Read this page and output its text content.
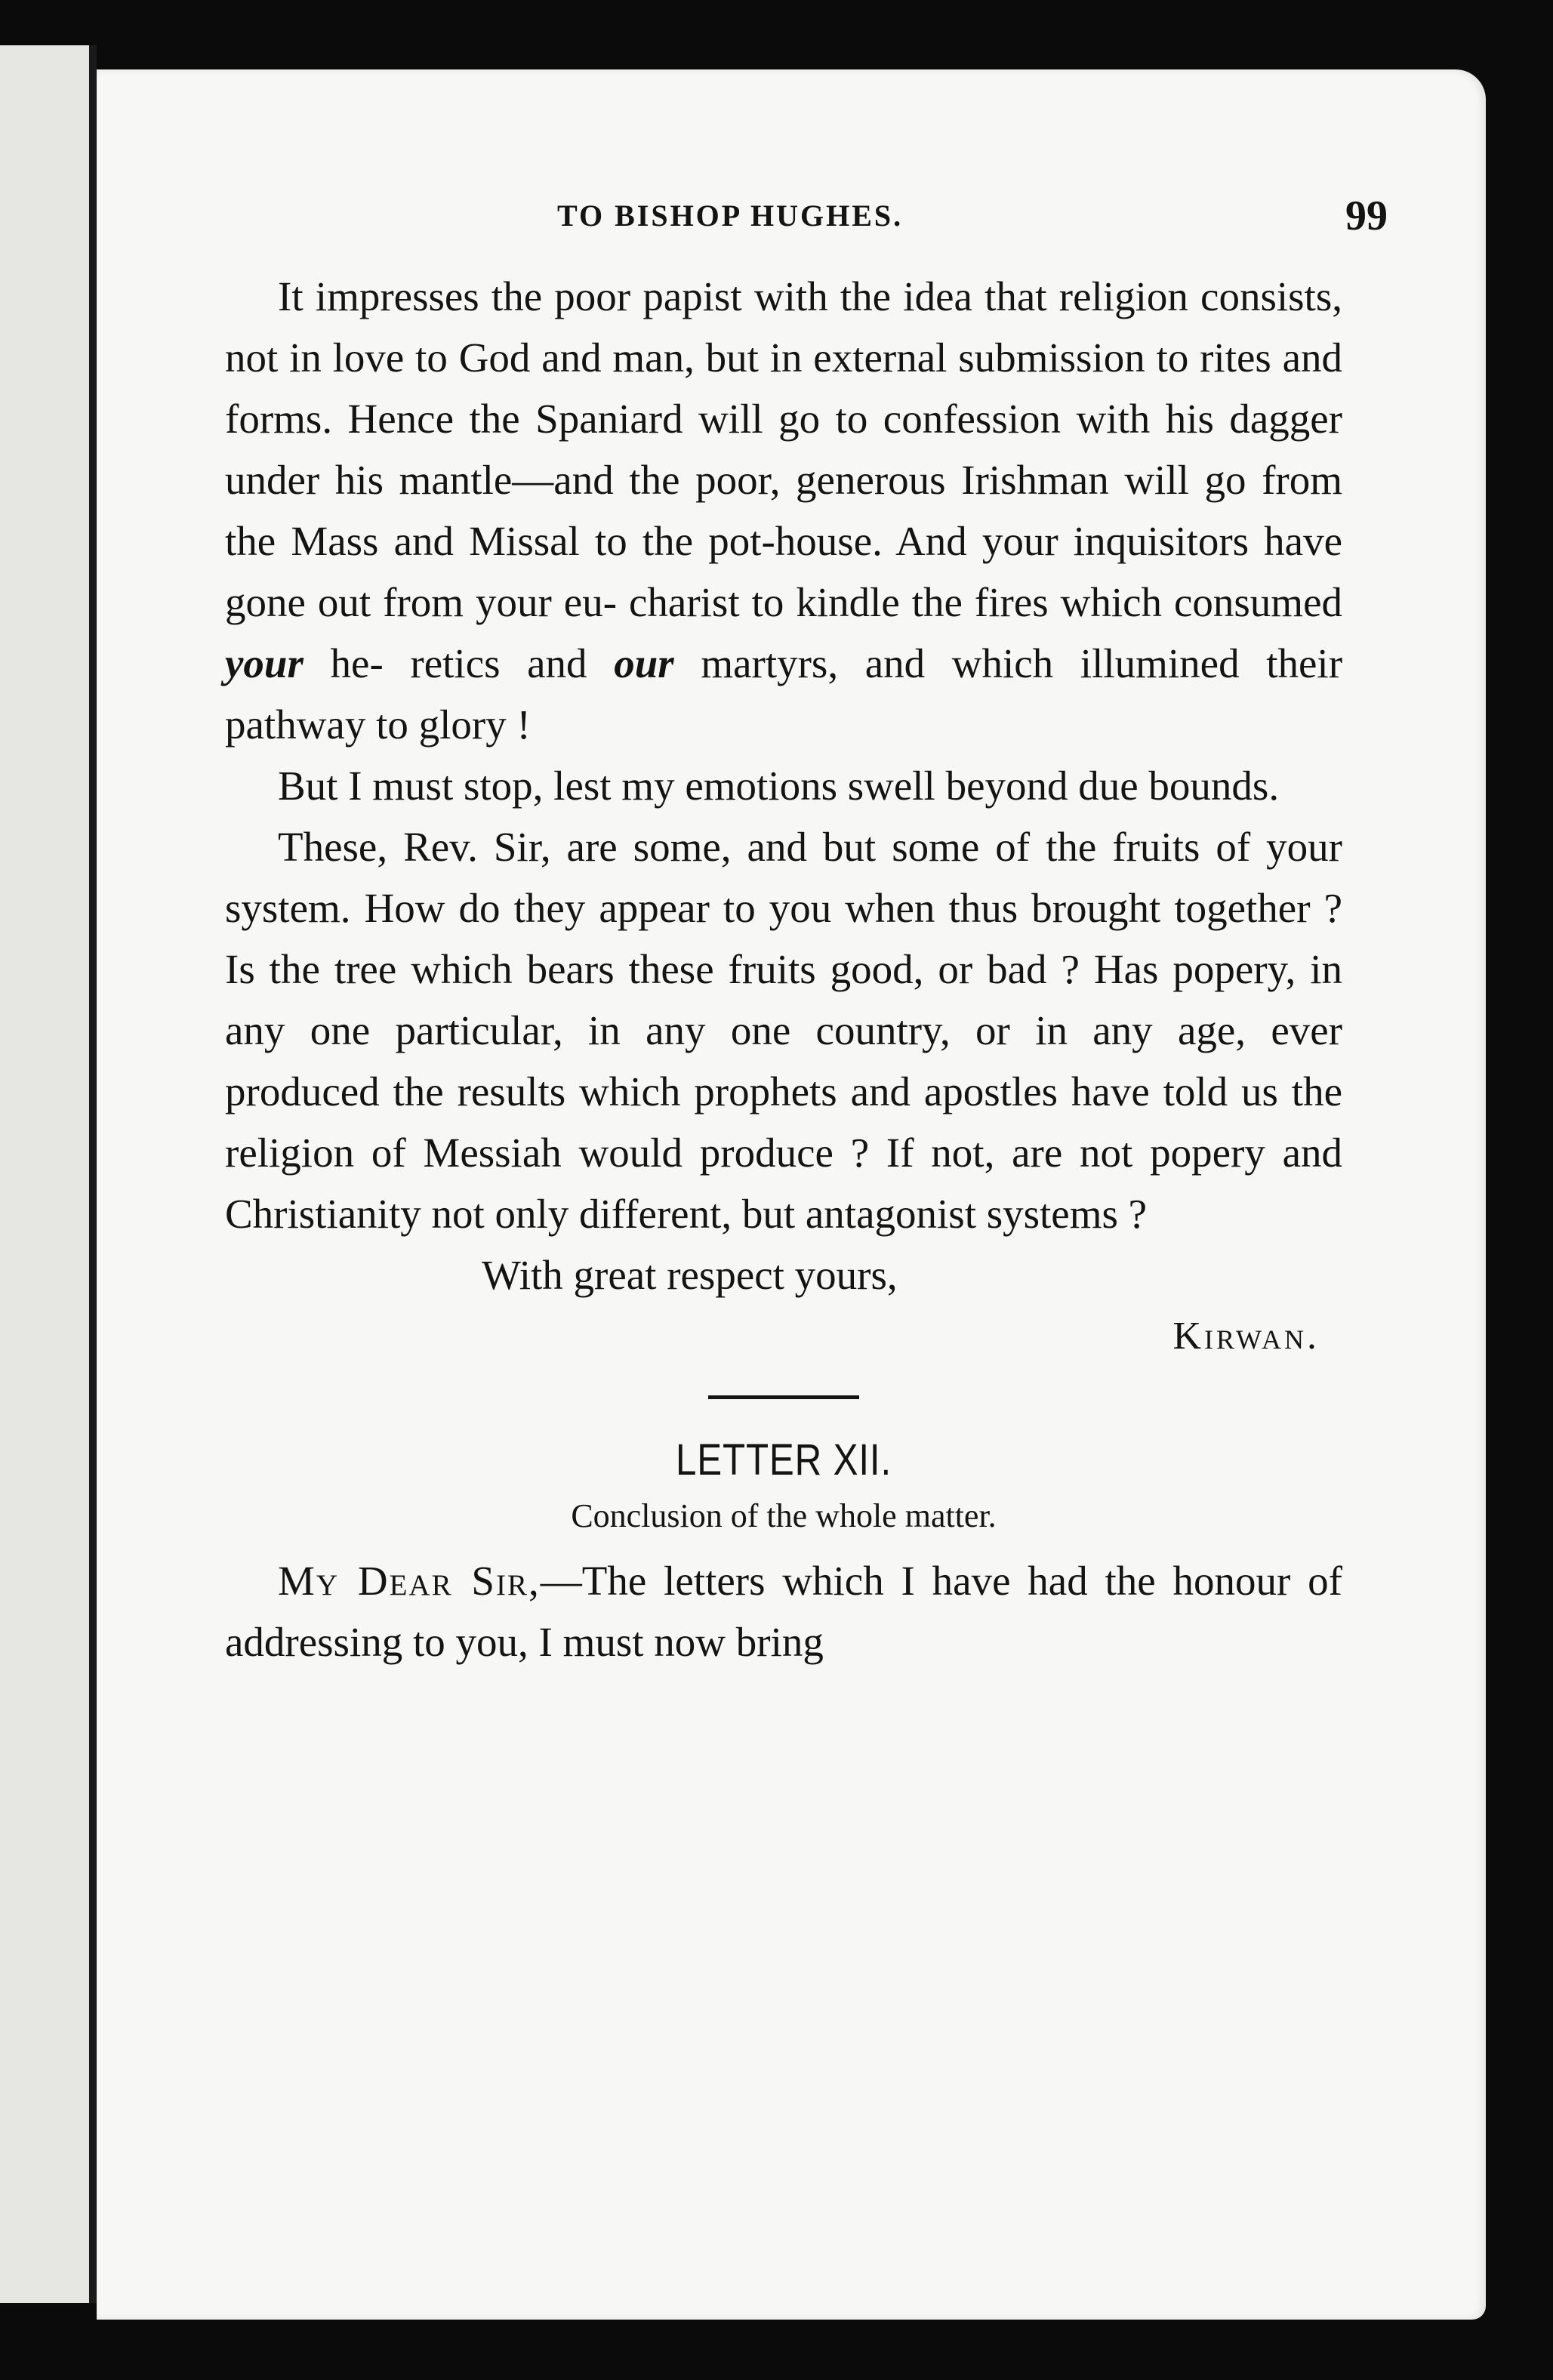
TO BISHOP HUGHES.	99

It impresses the poor papist with the idea that religion consists, not in love to God and man, but in external submission to rites and forms. Hence the Spaniard will go to confession with his dagger under his mantle—and the poor, generous Irishman will go from the Mass and Missal to the pot-house. And your inquisitors have gone out from your eu- charist to kindle the fires which consumed your he- retics and our martyrs, and which illumined their pathway to glory !

But I must stop, lest my emotions swell beyond due bounds.

These, Rev. Sir, are some, and but some of the fruits of your system. How do they appear to you when thus brought together ? Is the tree which bears these fruits good, or bad ? Has popery, in any one particular, in any one country, or in any age, ever produced the results which prophets and apostles have told us the religion of Messiah would produce ? If not, are not popery and Christianity not only different, but antagonist systems ?

With great respect yours,

Kirwan.

LETTER XII.

Conclusion of the whole matter.

My Dear Sir,—The letters which I have had the honour of addressing to you, I must now bring
